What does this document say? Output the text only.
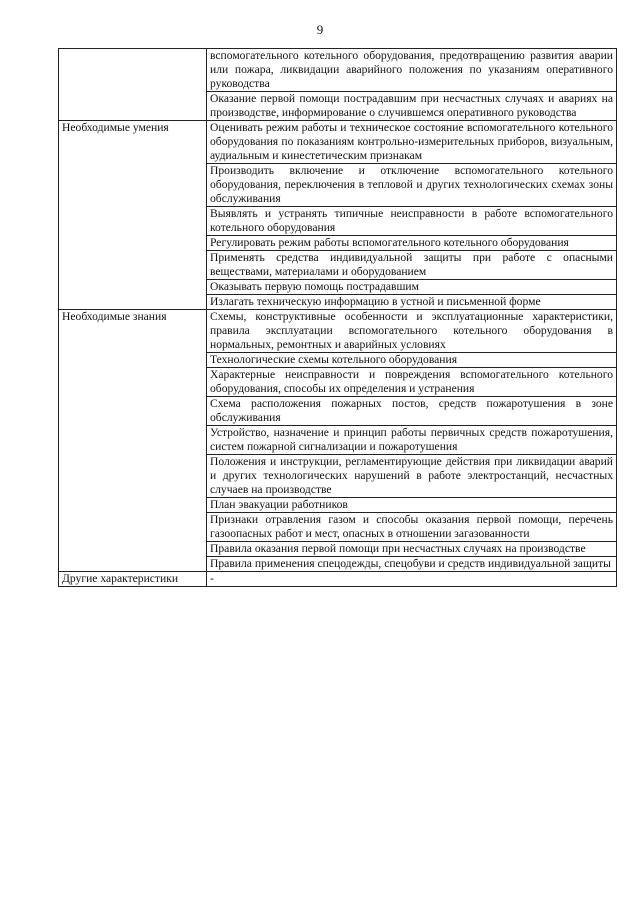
9
	вспомогательного котельного оборудования, предотвращению развития аварии или пожара, ликвидации аварийного положения по указаниям оперативного руководства
	Оказание первой помощи пострадавшим при несчастных случаях и авариях на производстве, информирование о случившемся оперативного руководства
Необходимые умения	Оценивать режим работы и техническое состояние вспомогательного котельного оборудования по показаниям контрольно-измерительных приборов, визуальным, аудиальным и кинестетическим признакам
	Производить включение и отключение вспомогательного котельного оборудования, переключения в тепловой и других технологических схемах зоны обслуживания
	Выявлять и устранять типичные неисправности в работе вспомогательного котельного оборудования
	Регулировать режим работы вспомогательного котельного оборудования
	Применять средства индивидуальной защиты при работе с опасными веществами, материалами и оборудованием
	Оказывать первую помощь пострадавшим
	Излагать техническую информацию в устной и письменной форме
Необходимые знания	Схемы, конструктивные особенности и эксплуатационные характеристики, правила эксплуатации вспомогательного котельного оборудования в нормальных, ремонтных и аварийных условиях
	Технологические схемы котельного оборудования
	Характерные неисправности и повреждения вспомогательного котельного оборудования, способы их определения и устранения
	Схема расположения пожарных постов, средств пожаротушения в зоне обслуживания
	Устройство, назначение и принцип работы первичных средств пожаротушения, систем пожарной сигнализации и пожаротушения
	Положения и инструкции, регламентирующие действия при ликвидации аварий и других технологических нарушений в работе электростанций, несчастных случаев на производстве
	План эвакуации работников
	Признаки отравления газом и способы оказания первой помощи, перечень газоопасных работ и мест, опасных в отношении загазованности
	Правила оказания первой помощи при несчастных случаях на производстве
	Правила применения спецодежды, спецобуви и средств индивидуальной защиты
Другие характеристики	-
